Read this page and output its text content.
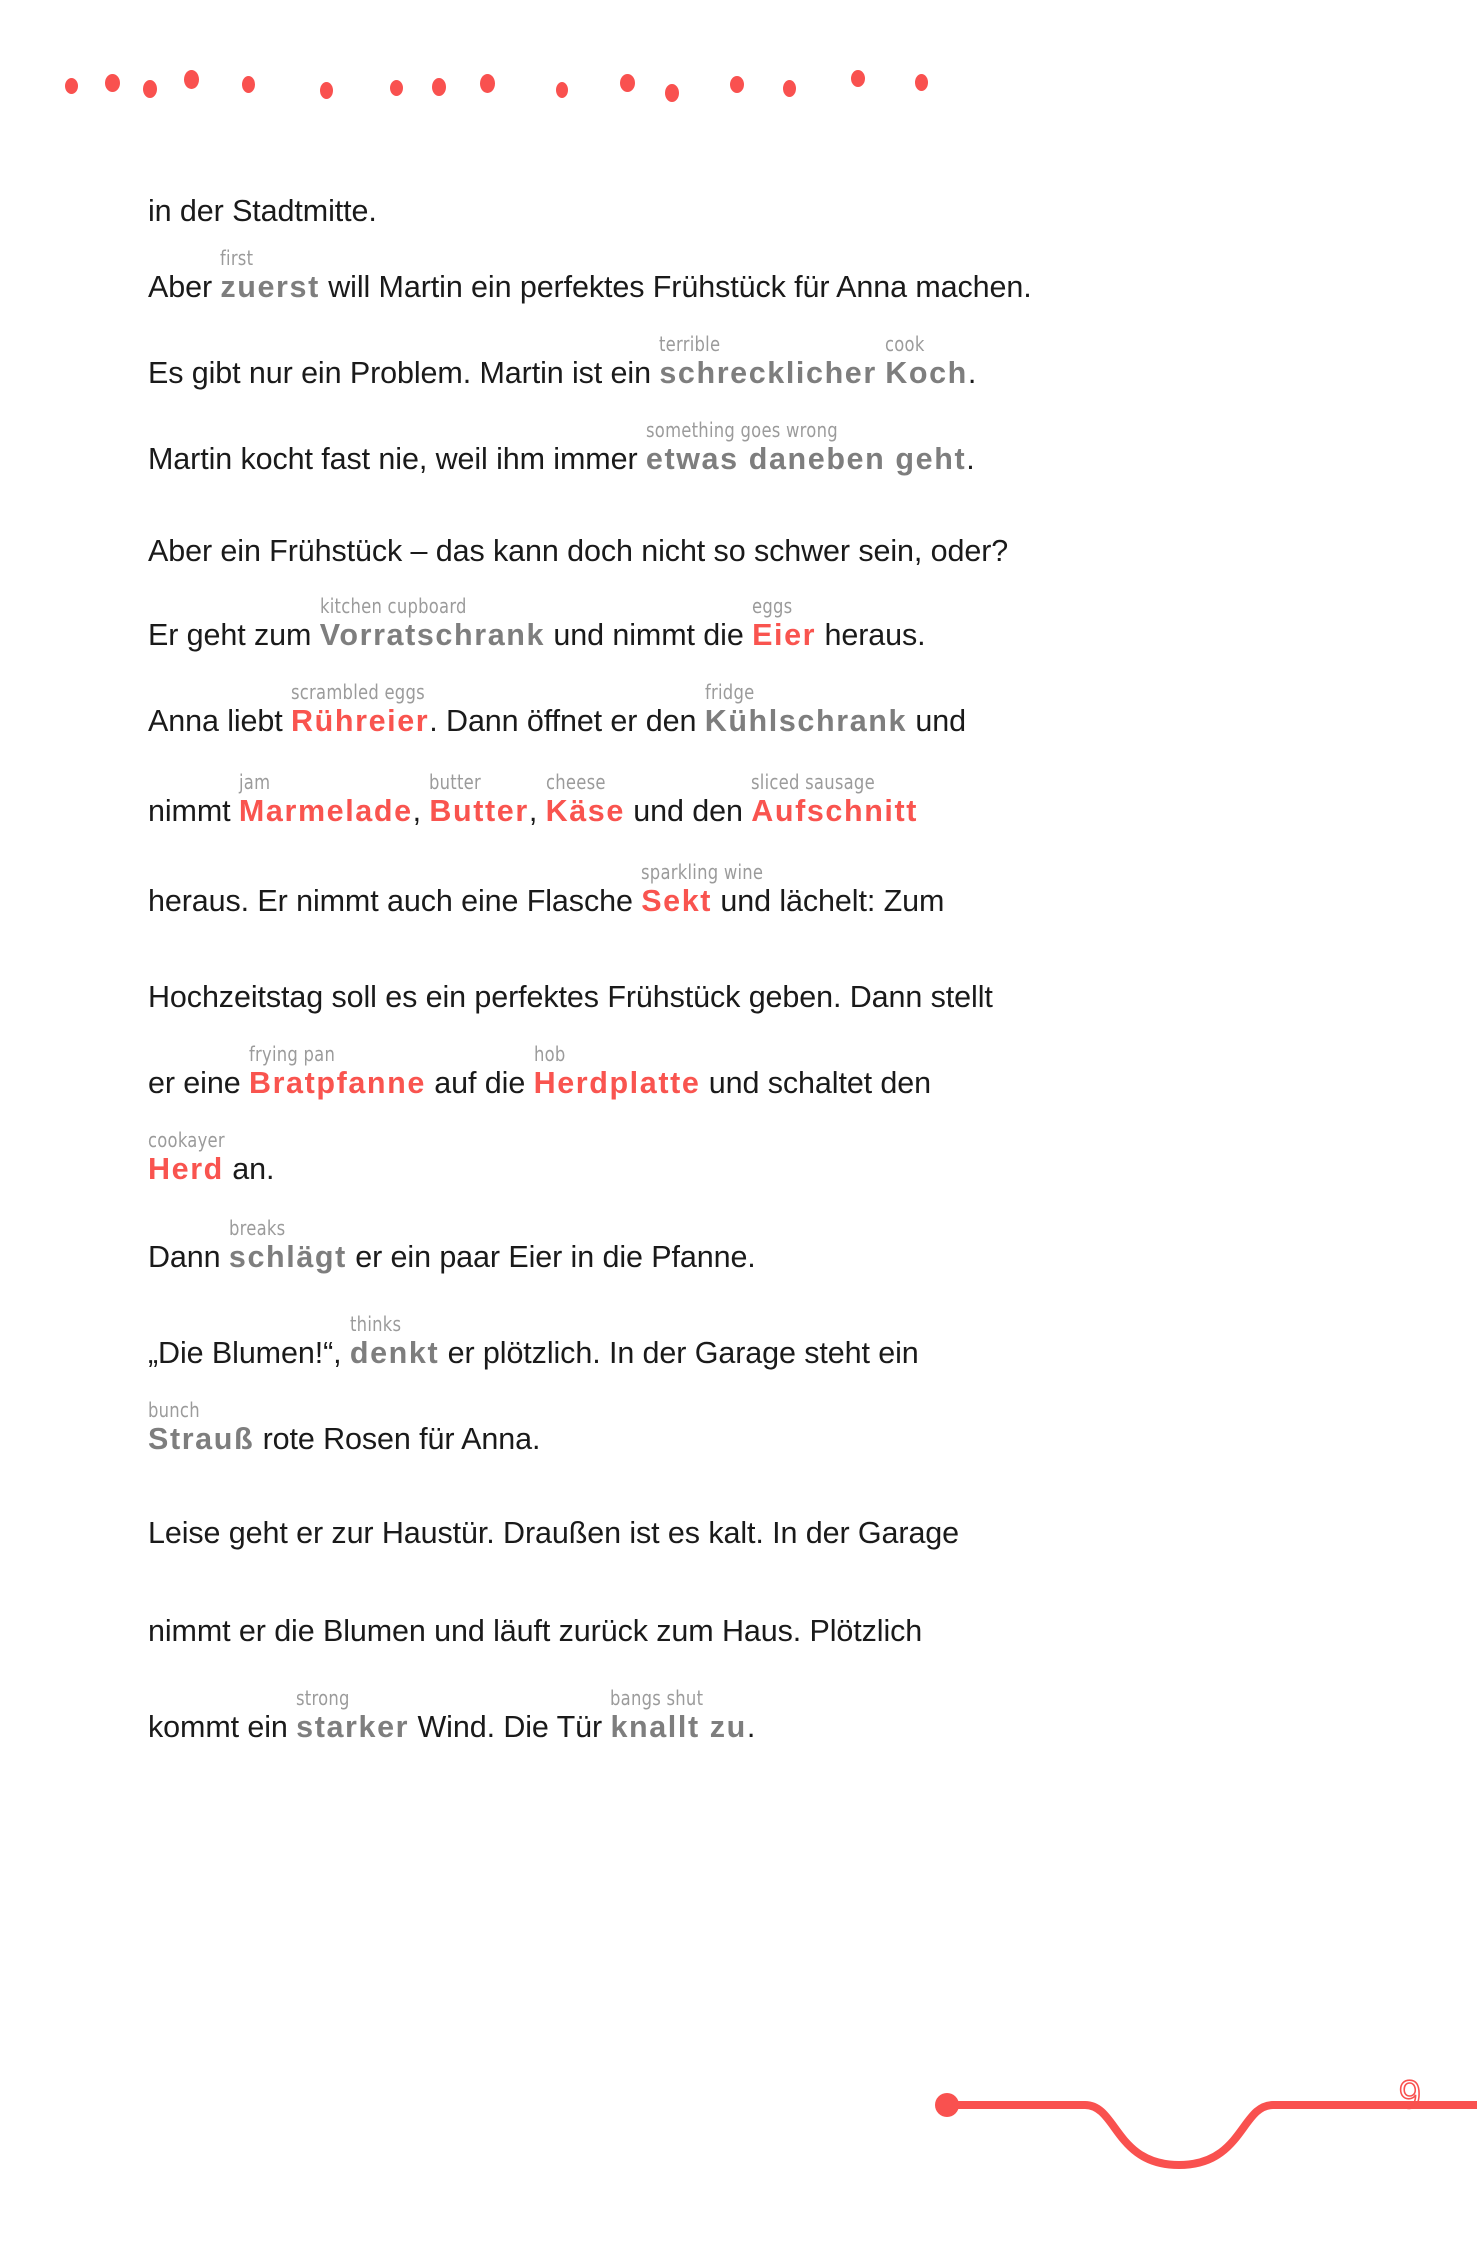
in der Stadtmitte.
Aber zuerst
first
will Martin ein perfektes Frühstück für Anna machen.
Es gibt nur ein Problem. Martin ist ein schrecklicher
terrible
Koch
cook
.
Martin kocht fast nie, weil ihm immer etwas daneben geht
something goes wrong
.
Aber ein Frühstück – das kann doch nicht so schwer sein, oder?
Er geht zum Vorratschrank
kitchen cupboard
und nimmt die Eier
eggs
heraus.
Anna liebt Rühreier
scrambled eggs
. Dann öffnet er den Kühlschrank
fridge
und
nimmt Marmelade
jam
, Butter
butter
, Käse
cheese
und den Aufschnitt
sliced sausage
heraus. Er nimmt auch eine Flasche Sekt
sparkling wine
und lächelt: Zum
Hochzeitstag soll es ein perfektes Frühstück geben. Dann stellt
er eine Bratpfanne
frying pan
auf die Herdplatte
hob
und schaltet den
Herd
cookayer
an.
Dann schlägt
breaks
er ein paar Eier in die Pfanne.
„Die Blumen!“, denkt
thinks
er plötzlich. In der Garage steht ein
Strauß
bunch
rote Rosen für Anna.
Leise geht er zur Haustür. Draußen ist es kalt. In der Garage
nimmt er die Blumen und läuft zurück zum Haus. Plötzlich
kommt ein starker
strong
Wind. Die Tür knallt zu
bangs shut
.
9
